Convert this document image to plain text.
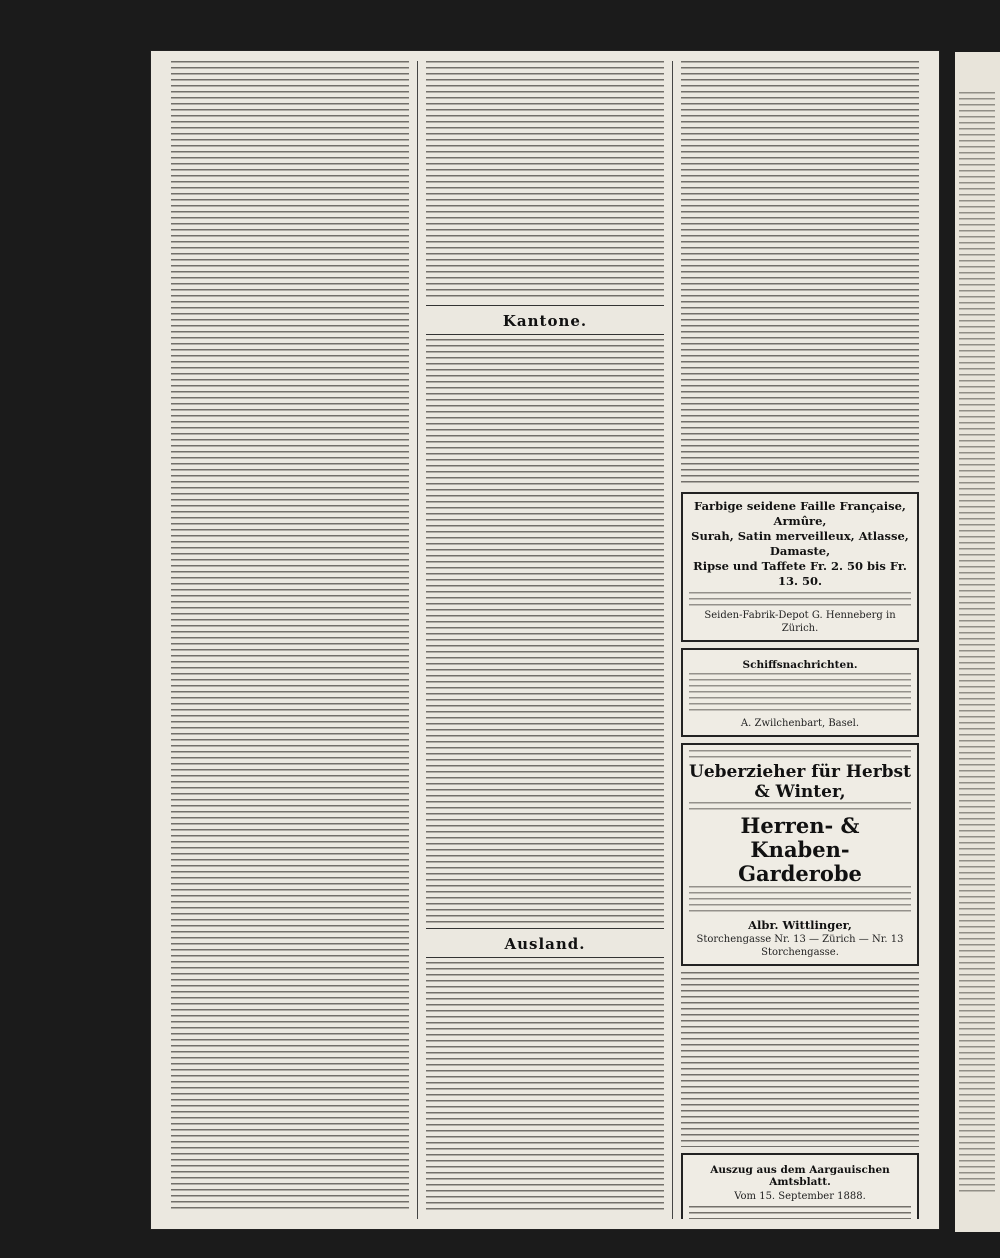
Kantone.
Ausland.
Farbige seidene Faille Française, Armûre,
Surah, Satin merveilleux, Atlasse, Damaste,
Ripse und Taffete Fr. 2. 50 bis Fr. 13. 50.
Seiden-Fabrik-Depot G. Henneberg in Zürich.
Schiffsnachrichten.
A. Zwilchenbart, Basel.
Ueberzieher für Herbst & Winter,
Herren- & Knaben-Garderobe
Albr. Wittlinger,
Storchengasse Nr. 13 — Zürich — Nr. 13 Storchengasse.
Auszug aus dem Aargauischen Amtsblatt.
Vom 15. September 1888.
